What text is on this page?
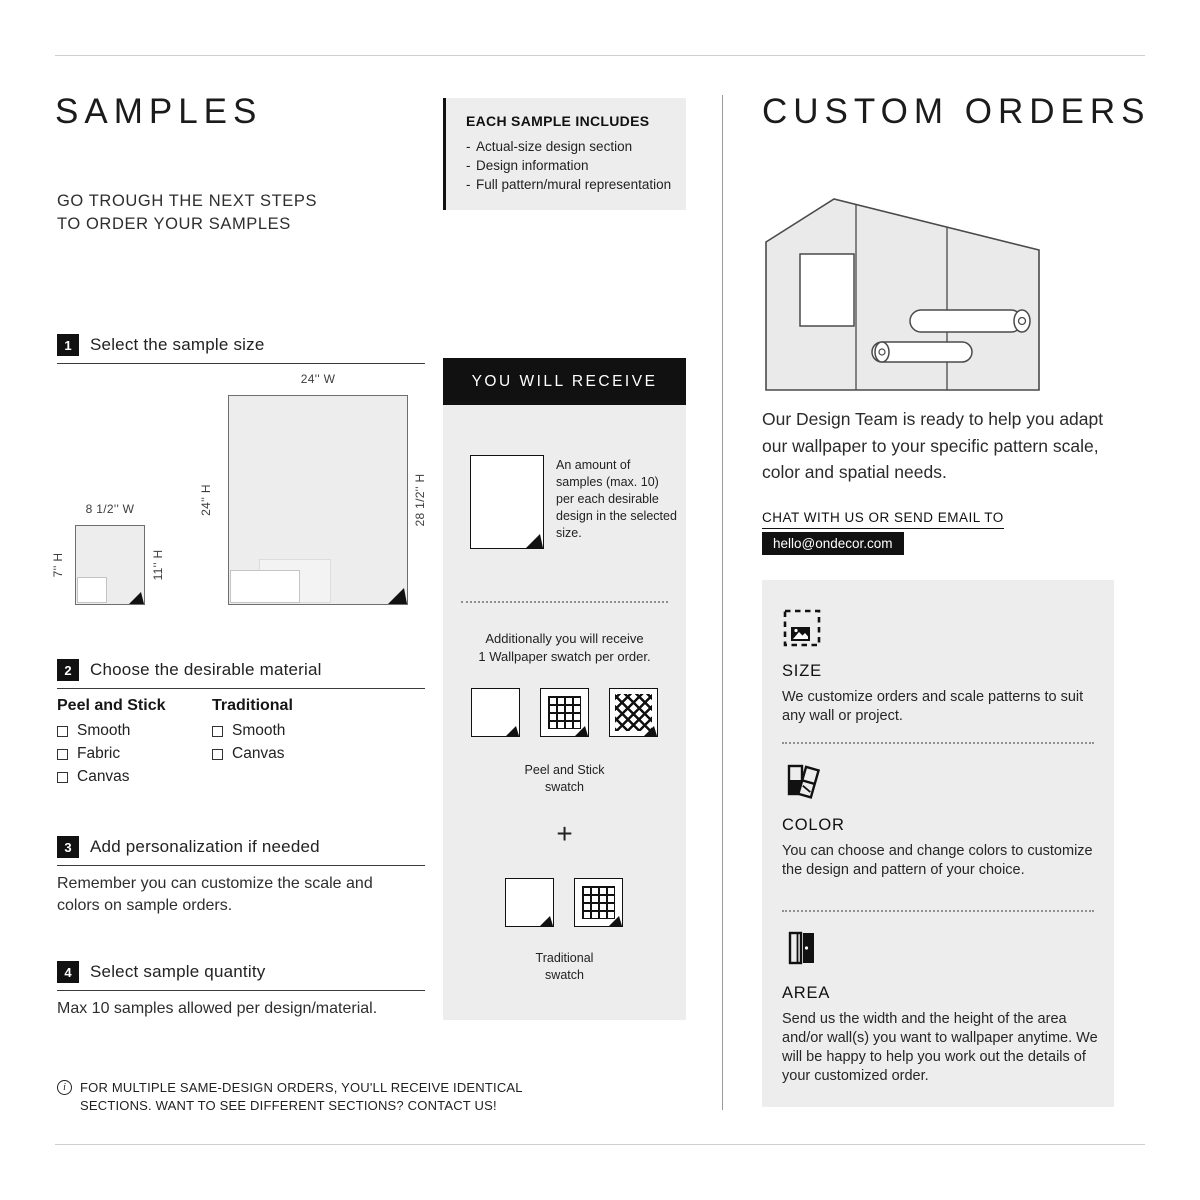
SAMPLES
GO TROUGH THE NEXT STEPS
TO ORDER YOUR SAMPLES
EACH SAMPLE INCLUDES
- Actual-size design section
- Design information
- Full pattern/mural representation
1	Select the sample size
24'' W
24'' H	28 1/2'' H
8 1/2'' W
7'' H	11'' H
2	Choose the desirable material
Peel and Stick
Smooth
Fabric
Canvas
Traditional
Smooth
Canvas
3	Add personalization if needed
Remember you can customize the scale and colors on sample orders.
4	Select sample quantity
Max 10 samples allowed per design/material.
i FOR MULTIPLE SAME-DESIGN ORDERS, YOU'LL RECEIVE IDENTICAL
SECTIONS. WANT TO SEE DIFFERENT SECTIONS? CONTACT US!
YOU WILL RECEIVE
An amount of samples (max. 10) per each desirable design in the selected size.
Additionally you will receive
1 Wallpaper swatch per order.
Peel and Stick
swatch
+
Traditional
swatch
CUSTOM ORDERS
Our Design Team is ready to help you adapt our wallpaper to your specific pattern scale, color and spatial needs.
CHAT WITH US OR SEND EMAIL TO
hello@ondecor.com
SIZE
We customize orders and scale patterns to suit any wall or project.
COLOR
You can choose and change colors to customize the design and pattern of your choice.
AREA
Send us the width and the height of the area and/or wall(s) you want to wallpaper anytime. We will be happy to help you work out the details of your customized order.
